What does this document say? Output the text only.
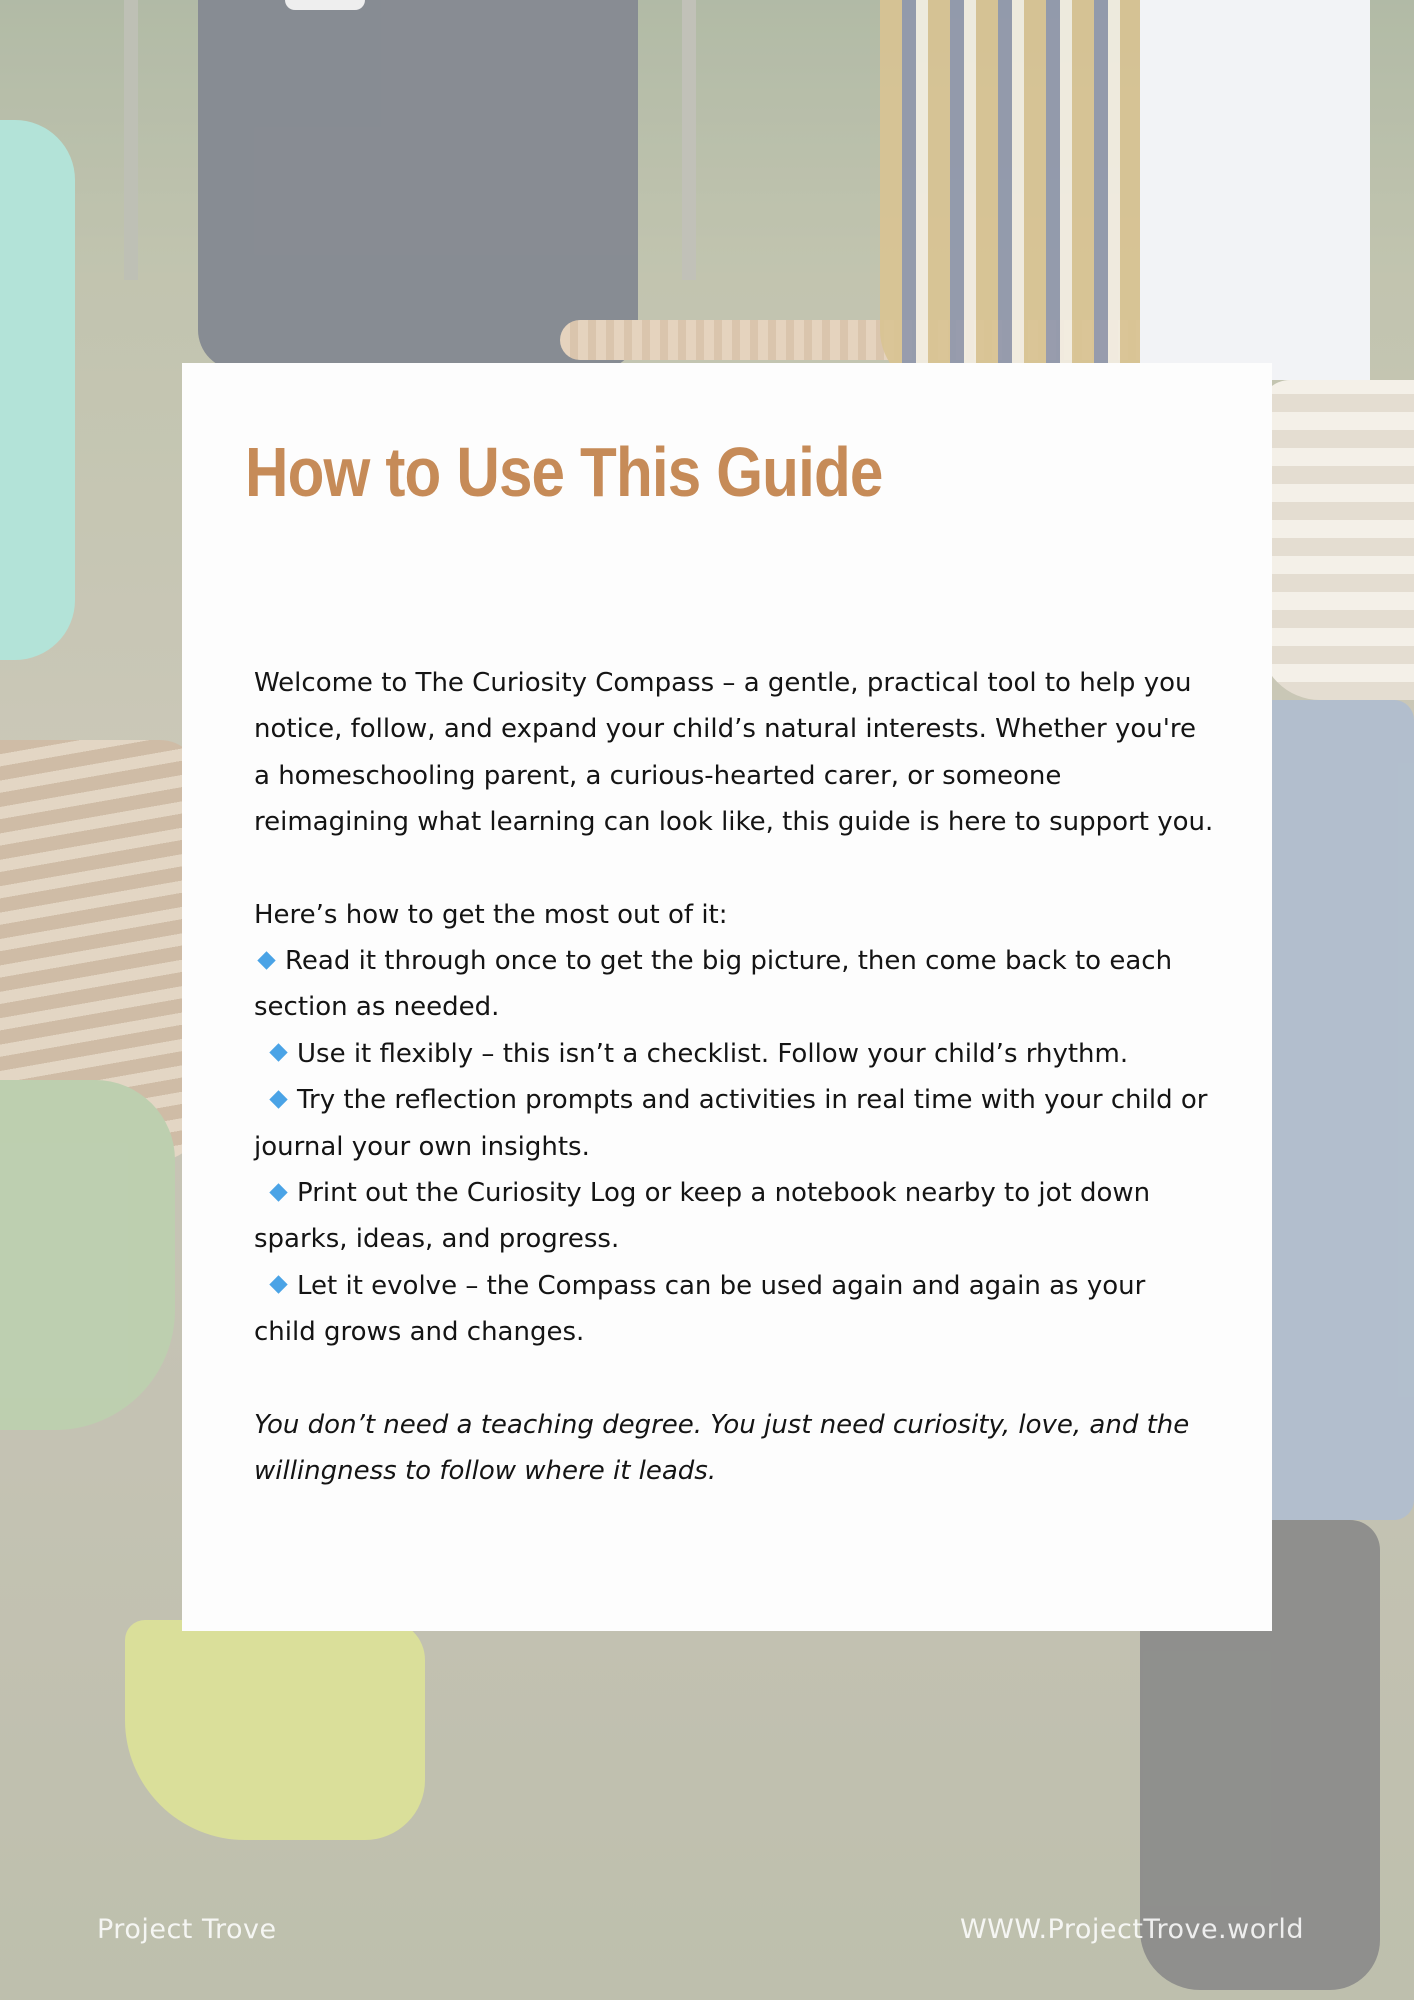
How to Use This Guide

Welcome to The Curiosity Compass – a gentle, practical tool to help you notice, follow, and expand your child’s natural interests. Whether you're a homeschooling parent, a curious-hearted carer, or someone reimagining what learning can look like, this guide is here to support you.

Here’s how to get the most out of it:

Read it through once to get the big picture, then come back to each section as needed.

Use it flexibly – this isn’t a checklist. Follow your child’s rhythm.

Try the reflection prompts and activities in real time with your child or journal your own insights.

Print out the Curiosity Log or keep a notebook nearby to jot down sparks, ideas, and progress.

Let it evolve – the Compass can be used again and again as your child grows and changes.

You don’t need a teaching degree. You just need curiosity, love, and the willingness to follow where it leads.

Project Trove	WWW.ProjectTrove.world
